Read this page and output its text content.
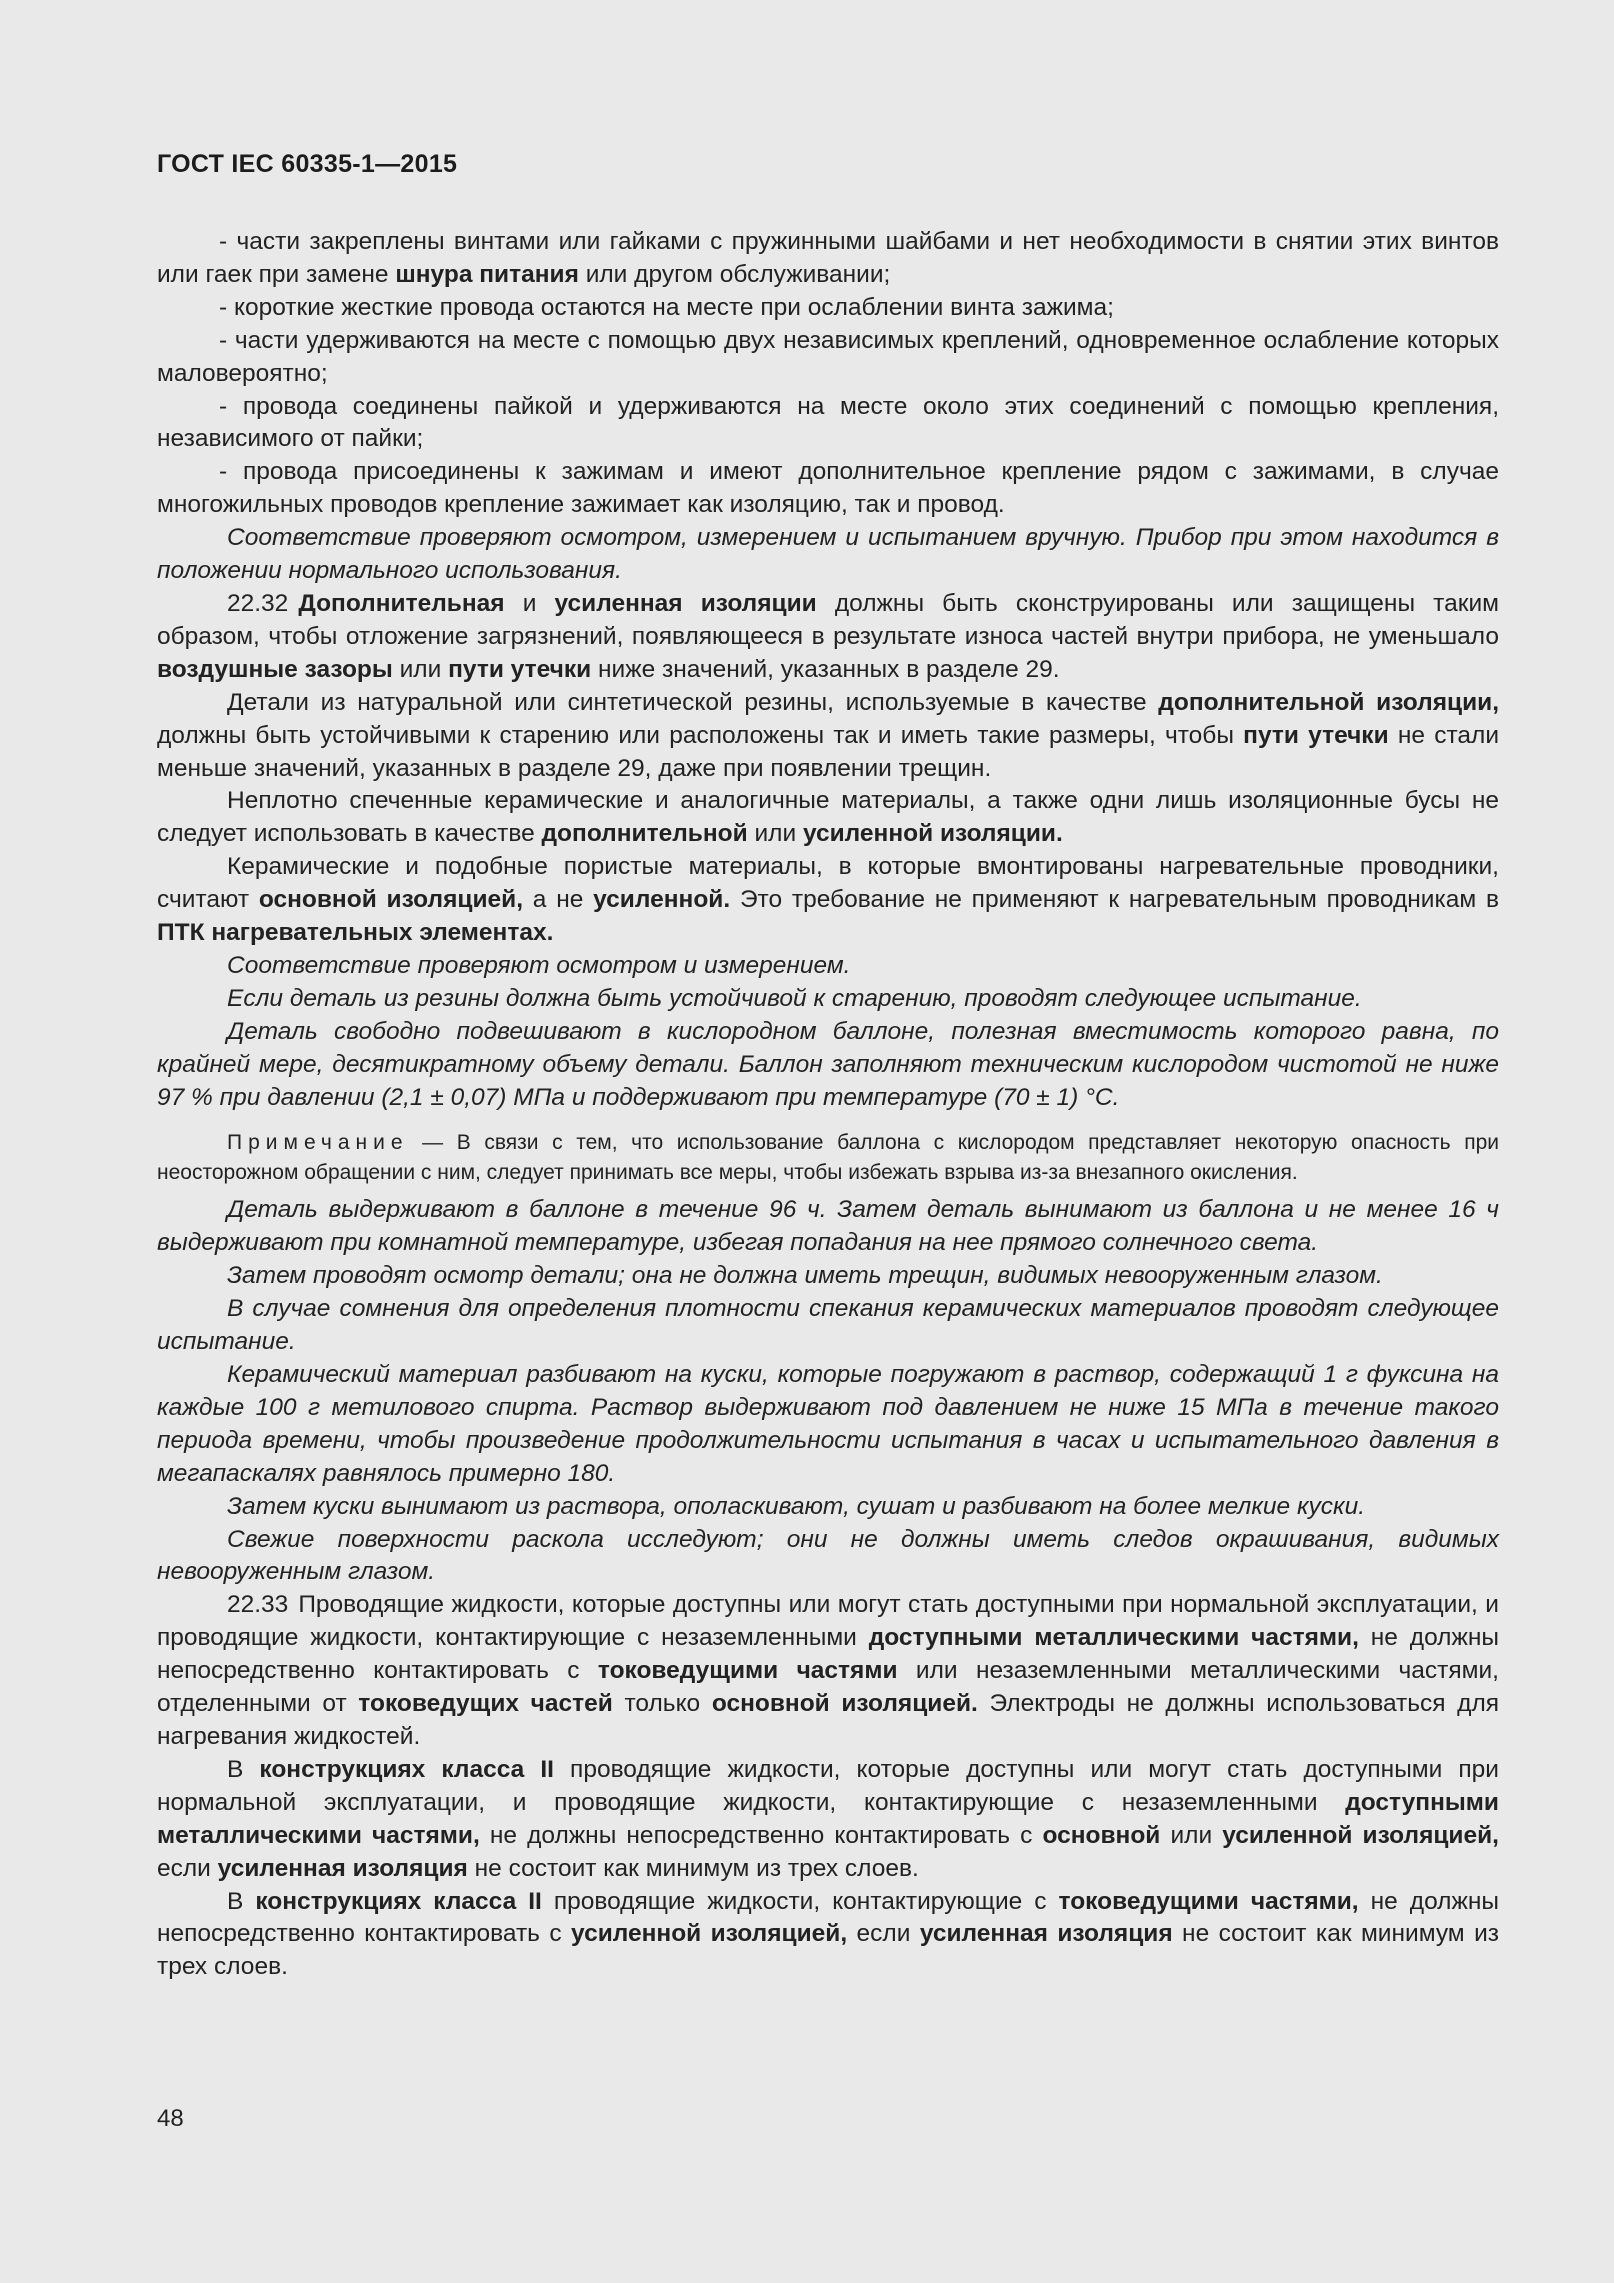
ГОСТ IEC 60335-1—2015

- части закреплены винтами или гайками с пружинными шайбами и нет необходимости в снятии этих винтов или гаек при замене шнура питания или другом обслуживании;

- короткие жесткие провода остаются на месте при ослаблении винта зажима;

- части удерживаются на месте с помощью двух независимых креплений, одновременное ослабление которых маловероятно;

- провода соединены пайкой и удерживаются на месте около этих соединений с помощью крепления, независимого от пайки;

- провода присоединены к зажимам и имеют дополнительное крепление рядом с зажимами, в случае многожильных проводов крепление зажимает как изоляцию, так и провод.

Соответствие проверяют осмотром, измерением и испытанием вручную. Прибор при этом находится в положении нормального использования.

22.32 Дополнительная и усиленная изоляции должны быть сконструированы или защищены таким образом, чтобы отложение загрязнений, появляющееся в результате износа частей внутри прибора, не уменьшало воздушные зазоры или пути утечки ниже значений, указанных в разделе 29.

Детали из натуральной или синтетической резины, используемые в качестве дополнительной изоляции, должны быть устойчивыми к старению или расположены так и иметь такие размеры, чтобы пути утечки не стали меньше значений, указанных в разделе 29, даже при появлении трещин.

Неплотно спеченные керамические и аналогичные материалы, а также одни лишь изоляционные бусы не следует использовать в качестве дополнительной или усиленной изоляции.

Керамические и подобные пористые материалы, в которые вмонтированы нагревательные проводники, считают основной изоляцией, а не усиленной. Это требование не применяют к нагревательным проводникам в ПТК нагревательных элементах.

Соответствие проверяют осмотром и измерением.

Если деталь из резины должна быть устойчивой к старению, проводят следующее испытание.

Деталь свободно подвешивают в кислородном баллоне, полезная вместимость которого равна, по крайней мере, десятикратному объему детали. Баллон заполняют техническим кислородом чистотой не ниже 97 % при давлении (2,1 ± 0,07) МПа и поддерживают при температуре (70 ± 1) °С.

Примечание — В связи с тем, что использование баллона с кислородом представляет некоторую опасность при неосторожном обращении с ним, следует принимать все меры, чтобы избежать взрыва из-за внезапного окисления.

Деталь выдерживают в баллоне в течение 96 ч. Затем деталь вынимают из баллона и не менее 16 ч выдерживают при комнатной температуре, избегая попадания на нее прямого солнечного света.

Затем проводят осмотр детали; она не должна иметь трещин, видимых невооруженным глазом.

В случае сомнения для определения плотности спекания керамических материалов проводят следующее испытание.

Керамический материал разбивают на куски, которые погружают в раствор, содержащий 1 г фуксина на каждые 100 г метилового спирта. Раствор выдерживают под давлением не ниже 15 МПа в течение такого периода времени, чтобы произведение продолжительности испытания в часах и испытательного давления в мегапаскалях равнялось примерно 180.

Затем куски вынимают из раствора, ополаскивают, сушат и разбивают на более мелкие куски.

Свежие поверхности раскола исследуют; они не должны иметь следов окрашивания, видимых невооруженным глазом.

22.33 Проводящие жидкости, которые доступны или могут стать доступными при нормальной эксплуатации, и проводящие жидкости, контактирующие с незаземленными доступными металлическими частями, не должны непосредственно контактировать с токоведущими частями или незаземленными металлическими частями, отделенными от токоведущих частей только основной изоляцией. Электроды не должны использоваться для нагревания жидкостей.

В конструкциях класса II проводящие жидкости, которые доступны или могут стать доступными при нормальной эксплуатации, и проводящие жидкости, контактирующие с незаземленными доступными металлическими частями, не должны непосредственно контактировать с основной или усиленной изоляцией, если усиленная изоляция не состоит как минимум из трех слоев.

В конструкциях класса II проводящие жидкости, контактирующие с токоведущими частями, не должны непосредственно контактировать с усиленной изоляцией, если усиленная изоляция не состоит как минимум из трех слоев.

48
